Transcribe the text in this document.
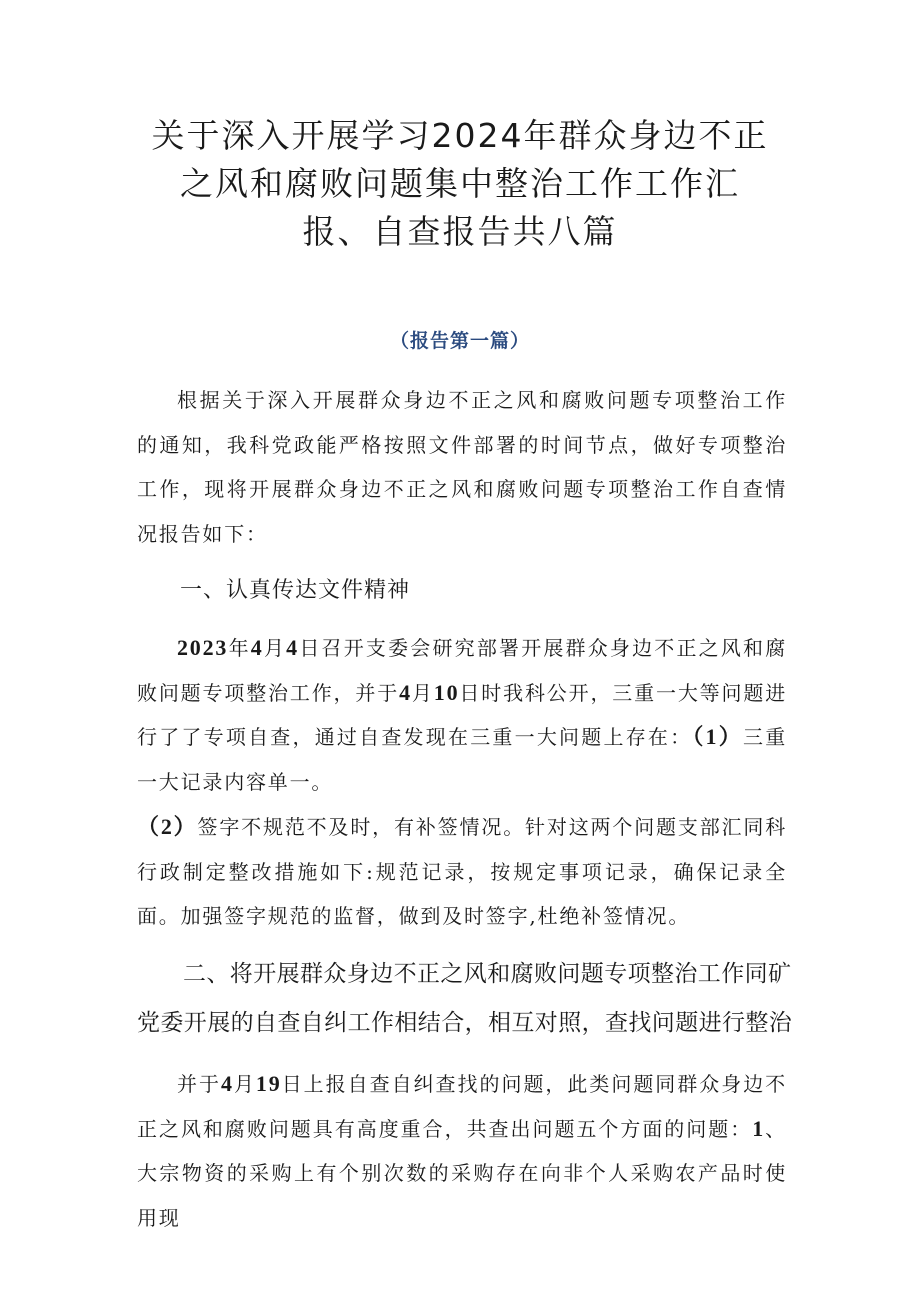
关于深入开展学习2024年群众身边不正之风和腐败问题集中整治工作工作汇报、自查报告共八篇
（报告第一篇）

根据关于深入开展群众身边不正之风和腐败问题专项整治工作的通知，我科党政能严格按照文件部署的时间节点，做好专项整治工作，现将开展群众身边不正之风和腐败问题专项整治工作自查情况报告如下：

一、认真传达文件精神

2023年4月4日召开支委会研究部署开展群众身边不正之风和腐败问题专项整治工作，并于4月10日时我科公开，三重一大等问题进行了了专项自查，通过自查发现在三重一大问题上存在：（1）三重一大记录内容单一。

（2）签字不规范不及时，有补签情况。针对这两个问题支部汇同科行政制定整改措施如下:规范记录，按规定事项记录，确保记录全面。加强签字规范的监督，做到及时签字,杜绝补签情况。

二、将开展群众身边不正之风和腐败问题专项整治工作同矿党委开展的自查自纠工作相结合，相互对照，查找问题进行整治

并于4月19日上报自查自纠查找的问题，此类问题同群众身边不正之风和腐败问题具有高度重合，共查出问题五个方面的问题：1、大宗物资的采购上有个别次数的采购存在向非个人采购农产品时使用现
